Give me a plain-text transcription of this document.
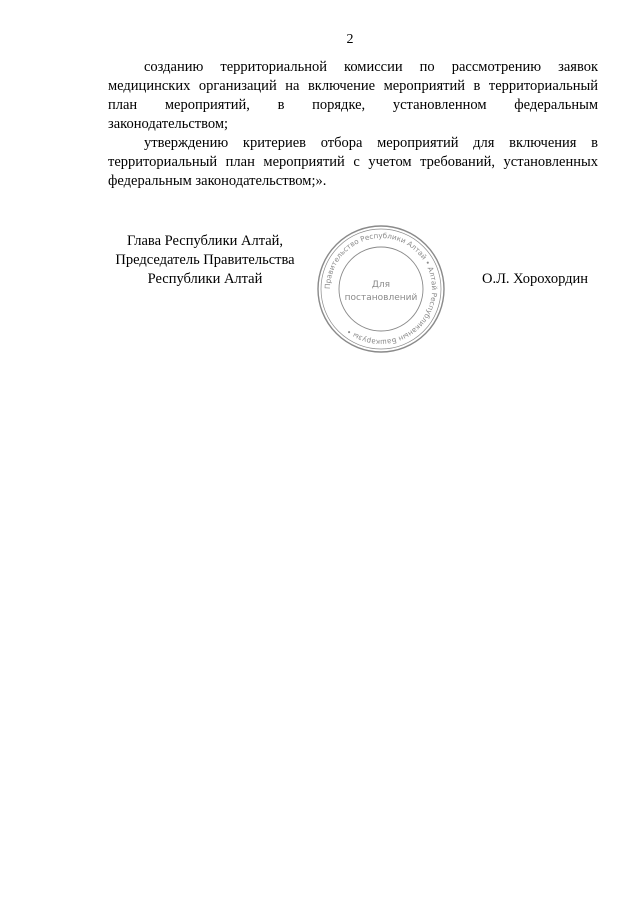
2

созданию территориальной комиссии по рассмотрению заявок медицинских организаций на включение мероприятий в территориальный план мероприятий, в порядке, установленном федеральным законодательством;

утверждению критериев отбора мероприятий для включения в территориальный план мероприятий с учетом требований, установленных федеральным законодательством;».

Глава Республики Алтай,
Председатель Правительства
Республики Алтай	Правительство Республики Алтай • Алтай Республиканын Башкарузы •
Для
постановлений
О.Л. Хорохордин
